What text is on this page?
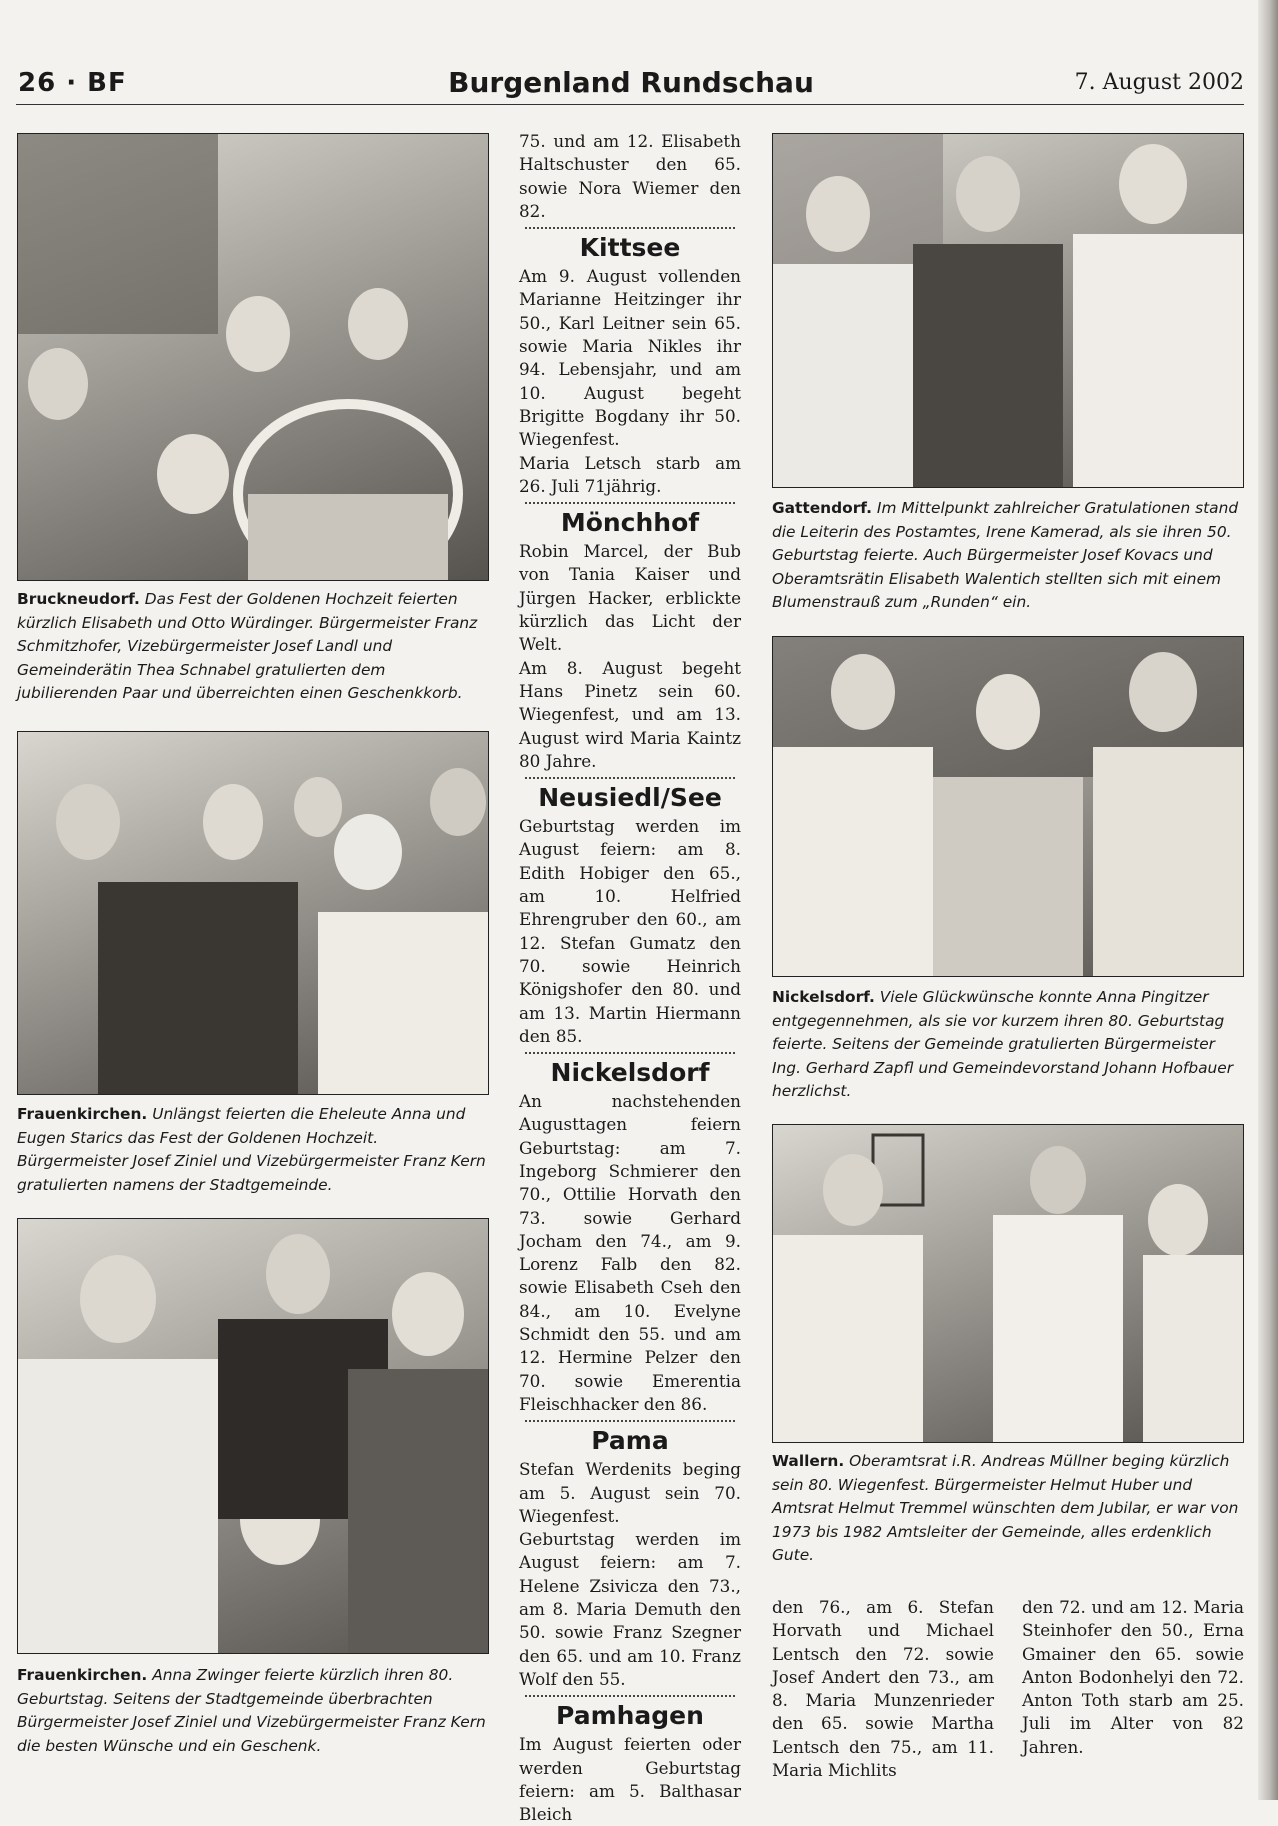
26 · BF	Burgenland Rundschau	7. August 2002

Bruckneudorf. Das Fest der Goldenen Hochzeit feierten kürzlich Elisabeth und Otto Würdinger. Bürgermeister Franz Schmitzhofer, Vizebürgermeister Josef Landl und Gemeinderätin Thea Schnabel gratulierten dem jubilierenden Paar und überreichten einen Geschenkkorb.

Frauenkirchen. Unlängst feierten die Eheleute Anna und Eugen Starics das Fest der Goldenen Hochzeit. Bürgermeister Josef Ziniel und Vizebürgermeister Franz Kern gratulierten namens der Stadtgemeinde.

Frauenkirchen. Anna Zwinger feierte kürzlich ihren 80. Geburtstag. Seitens der Stadtgemeinde überbrachten Bürgermeister Josef Ziniel und Vizebürgermeister Franz Kern die besten Wünsche und ein Geschenk.

75. und am 12. Elisabeth Haltschuster den 65. sowie Nora Wiemer den 82.

Kittsee

Am 9. August vollenden Marianne Heitzinger ihr 50., Karl Leitner sein 65. sowie Maria Nikles ihr 94. Lebensjahr, und am 10. August begeht Brigitte Bogdany ihr 50. Wiegenfest.

Maria Letsch starb am 26. Juli 71jährig.

Mönchhof

Robin Marcel, der Bub von Tania Kaiser und Jürgen Hacker, erblickte kürzlich das Licht der Welt.

Am 8. August begeht Hans Pinetz sein 60. Wiegenfest, und am 13. August wird Maria Kaintz 80 Jahre.

Neusiedl/See

Geburtstag werden im August feiern: am 8. Edith Hobiger den 65., am 10. Helfried Ehrengruber den 60., am 12. Stefan Gumatz den 70. sowie Heinrich Königshofer den 80. und am 13. Martin Hiermann den 85.

Nickelsdorf

An nachstehenden Augusttagen feiern Geburtstag: am 7. Ingeborg Schmierer den 70., Ottilie Horvath den 73. sowie Gerhard Jocham den 74., am 9. Lorenz Falb den 82. sowie Elisabeth Cseh den 84., am 10. Evelyne Schmidt den 55. und am 12. Hermine Pelzer den 70. sowie Emerentia Fleischhacker den 86.

Pama

Stefan Werdenits beging am 5. August sein 70. Wiegenfest.

Geburtstag werden im August feiern: am 7. Helene Zsivicza den 73., am 8. Maria Demuth den 50. sowie Franz Szegner den 65. und am 10. Franz Wolf den 55.

Pamhagen

Im August feierten oder werden Geburtstag feiern: am 5. Balthasar Bleich

Gattendorf. Im Mittelpunkt zahlreicher Gratulationen stand die Leiterin des Postamtes, Irene Kamerad, als sie ihren 50. Geburtstag feierte. Auch Bürgermeister Josef Kovacs und Oberamtsrätin Elisabeth Walentich stellten sich mit einem Blumenstrauß zum „Runden“ ein.

Nickelsdorf. Viele Glückwünsche konnte Anna Pingitzer entgegennehmen, als sie vor kurzem ihren 80. Geburtstag feierte. Seitens der Gemeinde gratulierten Bürgermeister Ing. Gerhard Zapfl und Gemeindevorstand Johann Hofbauer herzlichst.

Wallern. Oberamtsrat i.R. Andreas Müllner beging kürzlich sein 80. Wiegenfest. Bürgermeister Helmut Huber und Amtsrat Helmut Tremmel wünschten dem Jubilar, er war von 1973 bis 1982 Amtsleiter der Gemeinde, alles erdenklich Gute.

den 76., am 6. Stefan Horvath und Michael Lentsch den 72. sowie Josef Andert den 73., am 8. Maria Munzenrieder den 65. sowie Martha Lentsch den 75., am 11. Maria Michlits

den 72. und am 12. Maria Steinhofer den 50., Erna Gmainer den 65. sowie Anton Bodonhelyi den 72. Anton Toth starb am 25. Juli im Alter von 82 Jahren.
